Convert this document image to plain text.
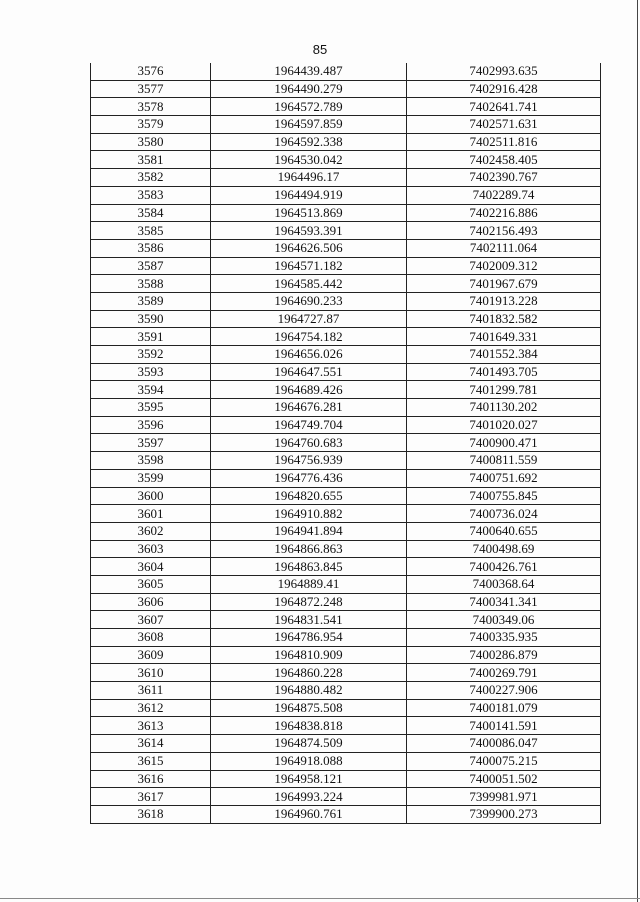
85
3576	1964439.487	7402993.635
3577	1964490.279	7402916.428
3578	1964572.789	7402641.741
3579	1964597.859	7402571.631
3580	1964592.338	7402511.816
3581	1964530.042	7402458.405
3582	1964496.17	7402390.767
3583	1964494.919	7402289.74
3584	1964513.869	7402216.886
3585	1964593.391	7402156.493
3586	1964626.506	7402111.064
3587	1964571.182	7402009.312
3588	1964585.442	7401967.679
3589	1964690.233	7401913.228
3590	1964727.87	7401832.582
3591	1964754.182	7401649.331
3592	1964656.026	7401552.384
3593	1964647.551	7401493.705
3594	1964689.426	7401299.781
3595	1964676.281	7401130.202
3596	1964749.704	7401020.027
3597	1964760.683	7400900.471
3598	1964756.939	7400811.559
3599	1964776.436	7400751.692
3600	1964820.655	7400755.845
3601	1964910.882	7400736.024
3602	1964941.894	7400640.655
3603	1964866.863	7400498.69
3604	1964863.845	7400426.761
3605	1964889.41	7400368.64
3606	1964872.248	7400341.341
3607	1964831.541	7400349.06
3608	1964786.954	7400335.935
3609	1964810.909	7400286.879
3610	1964860.228	7400269.791
3611	1964880.482	7400227.906
3612	1964875.508	7400181.079
3613	1964838.818	7400141.591
3614	1964874.509	7400086.047
3615	1964918.088	7400075.215
3616	1964958.121	7400051.502
3617	1964993.224	7399981.971
3618	1964960.761	7399900.273
